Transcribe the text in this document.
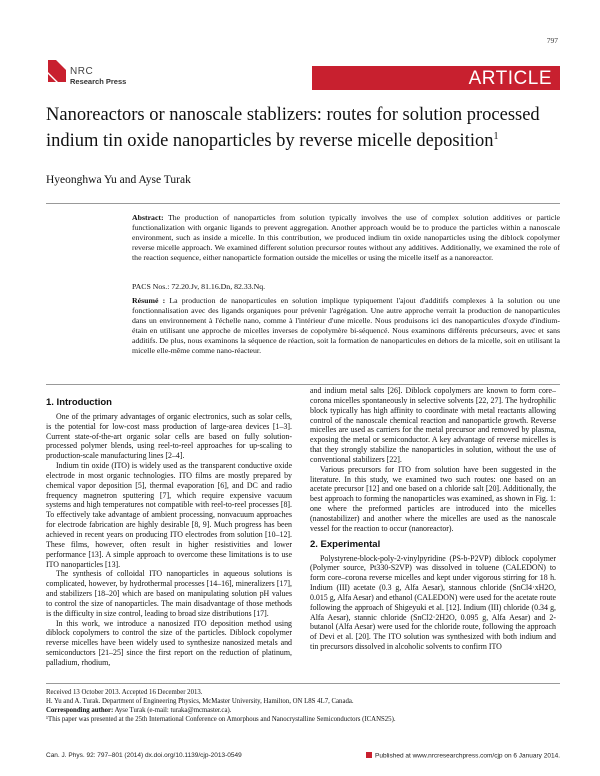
797
NRC
Research Press	ARTICLE
Nanoreactors or nanoscale stablizers: routes for solution processed indium tin oxide nanoparticles by reverse micelle deposition$^1$
Hyeonghwa Yu and Ayse Turak
Abstract: The production of nanoparticles from solution typically involves the use of complex solution additives or particle functionalization with organic ligands to prevent aggregation. Another approach would be to produce the particles within a nanoscale environment, such as inside a micelle. In this contribution, we produced indium tin oxide nanoparticles using the diblock copolymer reverse micelle approach. We examined different solution precursor routes without any additives. Additionally, we examined the role of the reaction sequence, either nanoparticle formation outside the micelles or using the micelle itself as a nanoreactor.
PACS Nos.: 72.20.Jv, 81.16.Dn, 82.33.Nq.
Résumé : La production de nanoparticules en solution implique typiquement l'ajout d'additifs complexes à la solution ou une fonctionnalisation avec des ligands organiques pour prévenir l'agrégation. Une autre approche verrait la production de nanoparticules dans un environnement à l'échelle nano, comme à l'intérieur d'une micelle. Nous produisons ici des nanoparticules d'oxyde d'indium-étain en utilisant une approche de micelles inverses de copolymère bi-séquencé. Nous examinons différents précurseurs, avec et sans additifs. De plus, nous examinons la séquence de réaction, soit la formation de nanoparticules en dehors de la micelle, soit en utilisant la micelle elle-même comme nano-réacteur.
1. Introduction

One of the primary advantages of organic electronics, such as solar cells, is the potential for low-cost mass production of large-area devices [1–3]. Current state-of-the-art organic solar cells are based on fully solution-processed polymer blends, using reel-to-reel approaches for up-scaling to production-scale manufacturing lines [2–4].

Indium tin oxide (ITO) is widely used as the transparent conductive oxide electrode in most organic technologies. ITO films are mostly prepared by chemical vapor deposition [5], thermal evaporation [6], and DC and radio frequency magnetron sputtering [7], which require expensive vacuum systems and high temperatures not compatible with reel-to-reel processes [8]. To effectively take advantage of ambient processing, nonvacuum approaches for electrode fabrication are highly desirable [8, 9]. Much progress has been achieved in recent years on producing ITO electrodes from solution [10–12]. These films, however, often result in higher resistivities and lower performance [13]. A simple approach to overcome these limitations is to use ITO nanoparticles [13].

The synthesis of colloidal ITO nanoparticles in aqueous solutions is complicated, however, by hydrothermal processes [14–16], mineralizers [17], and stabilizers [18–20] which are based on manipulating solution pH values to control the size of nanoparticles. The main disadvantage of those methods is the difficulty in size control, leading to broad size distributions [17].

In this work, we introduce a nanosized ITO deposition method using diblock copolymers to control the size of the particles. Diblock copolymer reverse micelles have been widely used to synthesize nanosized metals and semiconductors [21–25] since the first report on the reduction of platinum, palladium, rhodium,

and indium metal salts [26]. Diblock copolymers are known to form core–corona micelles spontaneously in selective solvents [22, 27]. The hydrophilic block typically has high affinity to coordinate with metal reactants allowing control of the nanoscale chemical reaction and nanoparticle growth. Reverse micelles are used as carriers for the metal precursor and removed by plasma, exposing the metal or semiconductor. A key advantage of reverse micelles is that they strongly stabilize the nanoparticles in solution, without the use of conventional stabilizers [22].

Various precursors for ITO from solution have been suggested in the literature. In this study, we examined two such routes: one based on an acetate precursor [12] and one based on a chloride salt [20]. Additionally, the best approach to forming the nanoparticles was examined, as shown in Fig. 1: one where the preformed particles are introduced into the micelles (nanostabilizer) and another where the micelles are used as the nanoscale vessel for the reaction to occur (nanoreactor).

2. Experimental

Polystyrene-block-poly-2-vinylpyridine (PS-b-P2VP) diblock copolymer (Polymer source, Pt330-S2VP) was dissolved in toluene (CALEDON) to form core–corona reverse micelles and kept under vigorous stirring for 18 h. Indium (III) acetate (0.3 g, Alfa Aesar), stannous chloride (SnCl4·xH2O, 0.015 g, Alfa Aesar) and ethanol (CALEDON) were used for the acetate route following the approach of Shigeyuki et al. [12]. Indium (III) chloride (0.34 g, Alfa Aesar), stannic chloride (SnCl2·2H2O, 0.095 g, Alfa Aesar) and 2-butanol (Alfa Aesar) were used for the chloride route, following the approach of Devi et al. [20]. The ITO solution was synthesized with both indium and tin precursors dissolved in alcoholic solvents to confirm ITO

Received 13 October 2013. Accepted 16 December 2013.
H. Yu and A. Turak. Department of Engineering Physics, McMaster University, Hamilton, ON L8S 4L7, Canada.
Corresponding author: Ayse Turak (e-mail: turaka@mcmaster.ca).
¹This paper was presented at the 25th International Conference on Amorphous and Nanocrystalline Semiconductors (ICANS25).
Can. J. Phys. 92: 797–801 (2014) dx.doi.org/10.1139/cjp-2013-0549	Published at www.nrcresearchpress.com/cjp on 6 January 2014.
